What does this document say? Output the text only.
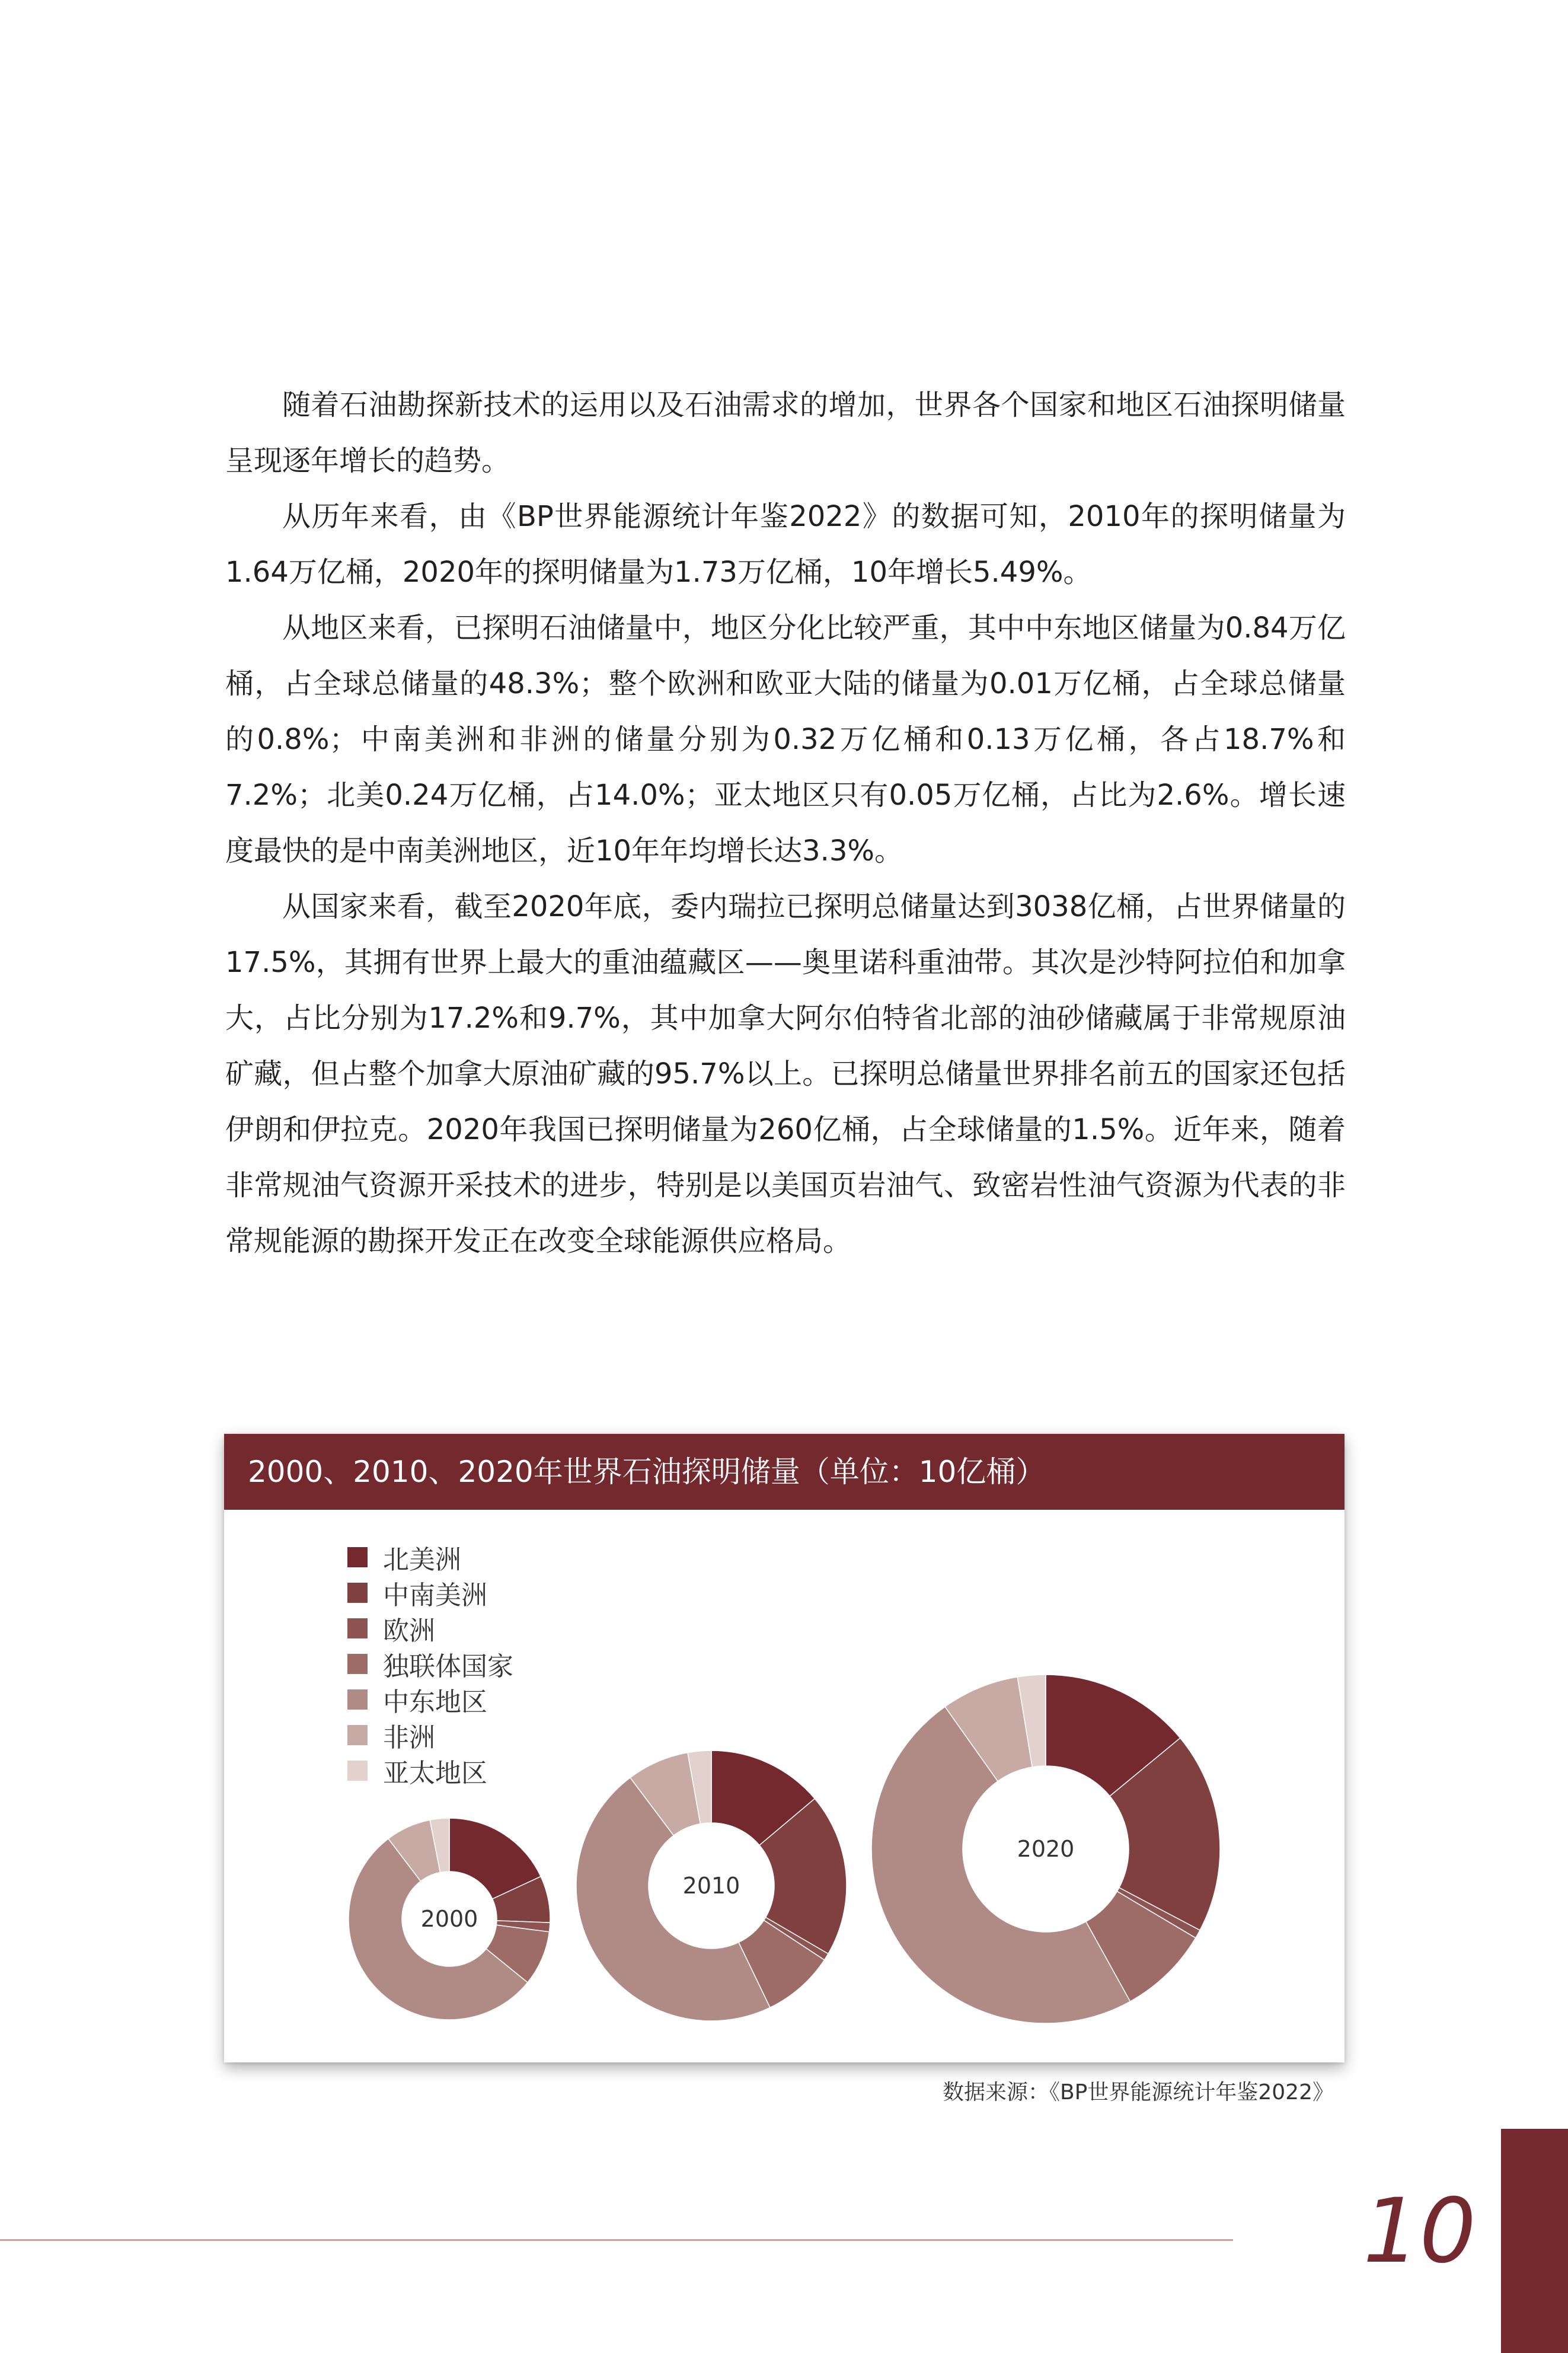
随着石油勘探新技术的运用以及石油需求的增加，世界各个国家和地区石油探明储量呈现逐年增长的趋势。

从历年来看，由《BP世界能源统计年鉴2022》的数据可知，2010年的探明储量为1.64万亿桶，2020年的探明储量为1.73万亿桶，10年增长5.49%。

从地区来看，已探明石油储量中，地区分化比较严重，其中中东地区储量为0.84万亿桶，占全球总储量的48.3%；整个欧洲和欧亚大陆的储量为0.01万亿桶，占全球总储量的0.8%；中南美洲和非洲的储量分别为0.32万亿桶和0.13万亿桶，各占18.7%和7.2%；北美0.24万亿桶，占14.0%；亚太地区只有0.05万亿桶，占比为2.6%。增长速度最快的是中南美洲地区，近10年年均增长达3.3%。

从国家来看，截至2020年底，委内瑞拉已探明总储量达到3038亿桶，占世界储量的17.5%，其拥有世界上最大的重油蕴藏区——奥里诺科重油带。其次是沙特阿拉伯和加拿大，占比分别为17.2%和9.7%，其中加拿大阿尔伯特省北部的油砂储藏属于非常规原油矿藏，但占整个加拿大原油矿藏的95.7%以上。已探明总储量世界排名前五的国家还包括伊朗和伊拉克。2020年我国已探明储量为260亿桶，占全球储量的1.5%。近年来，随着非常规油气资源开采技术的进步，特别是以美国页岩油气、致密岩性油气资源为代表的非常规能源的勘探开发正在改变全球能源供应格局。

2000、2010、2020年世界石油探明储量（单位：10亿桶）
北美洲
中南美洲
欧洲
独联体国家
中东地区
非洲
亚太地区
2000
2010
2020
数据来源：《BP世界能源统计年鉴2022》
10
